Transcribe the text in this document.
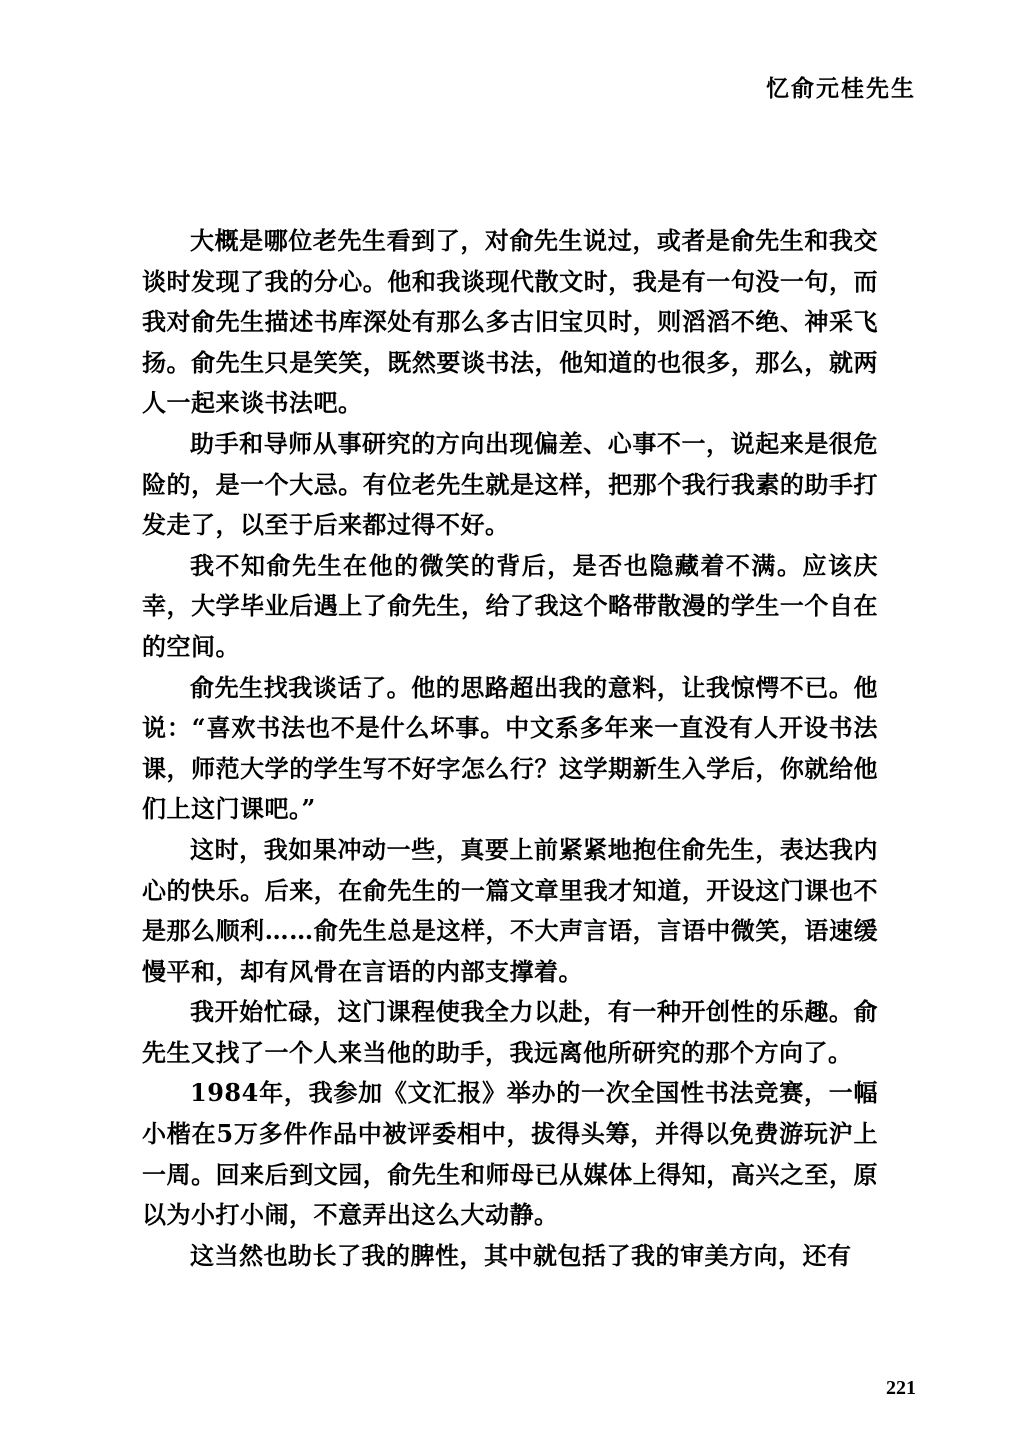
忆俞元桂先生

大概是哪位老先生看到了，对俞先生说过，或者是俞先生和我交谈时发现了我的分心。他和我谈现代散文时，我是有一句没一句，而我对俞先生描述书库深处有那么多古旧宝贝时，则滔滔不绝、神采飞扬。俞先生只是笑笑，既然要谈书法，他知道的也很多，那么，就两人一起来谈书法吧。

助手和导师从事研究的方向出现偏差、心事不一，说起来是很危险的，是一个大忌。有位老先生就是这样，把那个我行我素的助手打发走了，以至于后来都过得不好。

我不知俞先生在他的微笑的背后，是否也隐藏着不满。应该庆幸，大学毕业后遇上了俞先生，给了我这个略带散漫的学生一个自在的空间。

俞先生找我谈话了。他的思路超出我的意料，让我惊愕不已。他说：“喜欢书法也不是什么坏事。中文系多年来一直没有人开设书法课，师范大学的学生写不好字怎么行？这学期新生入学后，你就给他们上这门课吧。”

这时，我如果冲动一些，真要上前紧紧地抱住俞先生，表达我内心的快乐。后来，在俞先生的一篇文章里我才知道，开设这门课也不是那么顺利……俞先生总是这样，不大声言语，言语中微笑，语速缓慢平和，却有风骨在言语的内部支撑着。

我开始忙碌，这门课程使我全力以赴，有一种开创性的乐趣。俞先生又找了一个人来当他的助手，我远离他所研究的那个方向了。

1984年，我参加《文汇报》举办的一次全国性书法竞赛，一幅小楷在5万多件作品中被评委相中，拔得头筹，并得以免费游玩沪上一周。回来后到文园，俞先生和师母已从媒体上得知，高兴之至，原以为小打小闹，不意弄出这么大动静。

这当然也助长了我的脾性，其中就包括了我的审美方向，还有

221
